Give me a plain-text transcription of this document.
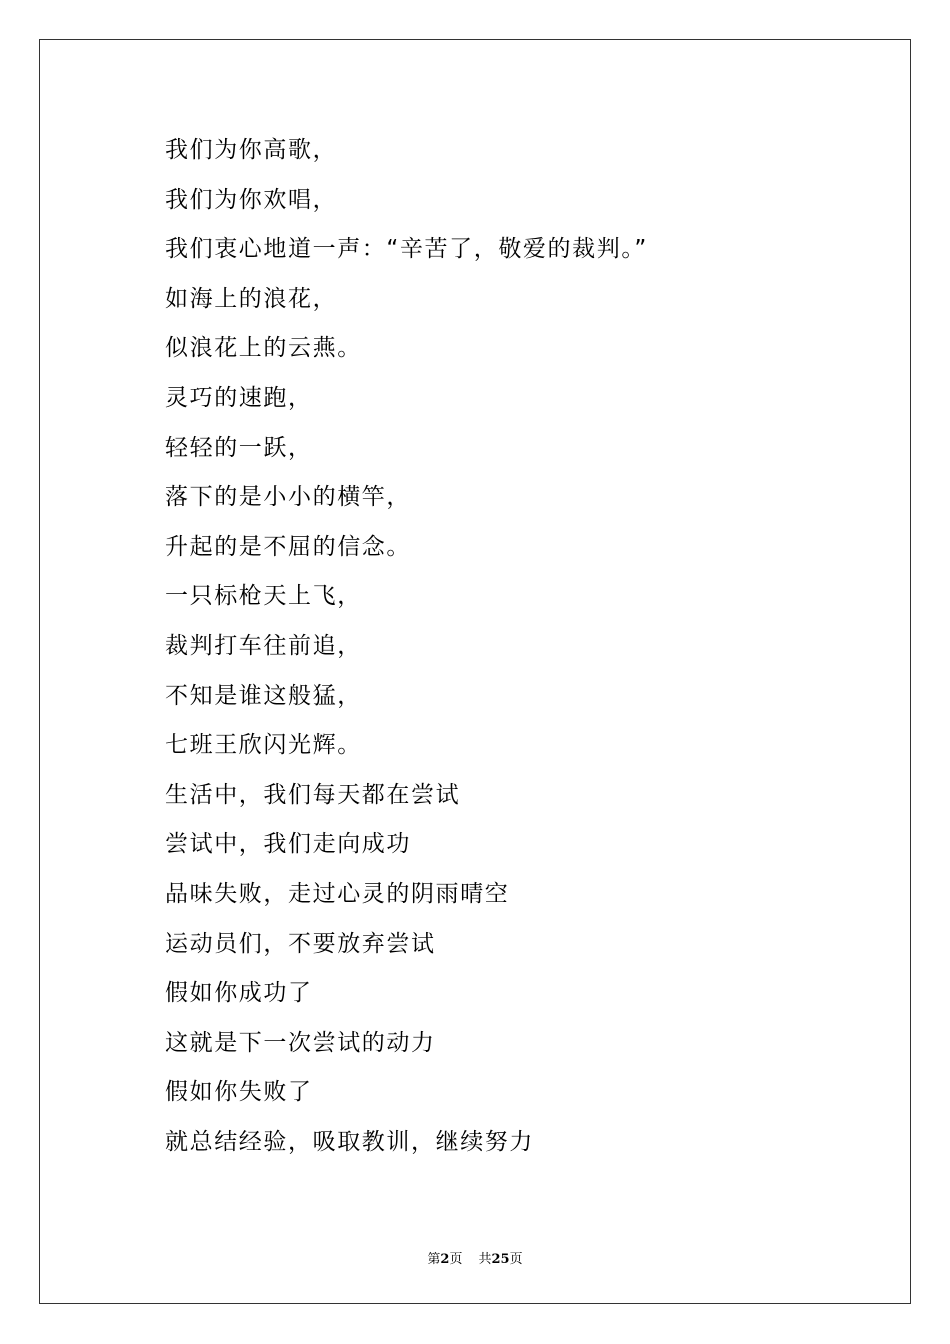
我们为你高歌，
我们为你欢唱，
我们衷心地道一声：“辛苦了，敬爱的裁判。”
如海上的浪花，
似浪花上的云燕。
灵巧的速跑，
轻轻的一跃，
落下的是小小的横竿，
升起的是不屈的信念。
一只标枪天上飞，
裁判打车往前追，
不知是谁这般猛，
七班王欣闪光辉。
生活中，我们每天都在尝试
尝试中，我们走向成功
品味失败，走过心灵的阴雨晴空
运动员们，不要放弃尝试
假如你成功了
这就是下一次尝试的动力
假如你失败了
就总结经验，吸取教训，继续努力
第2页 共25页
